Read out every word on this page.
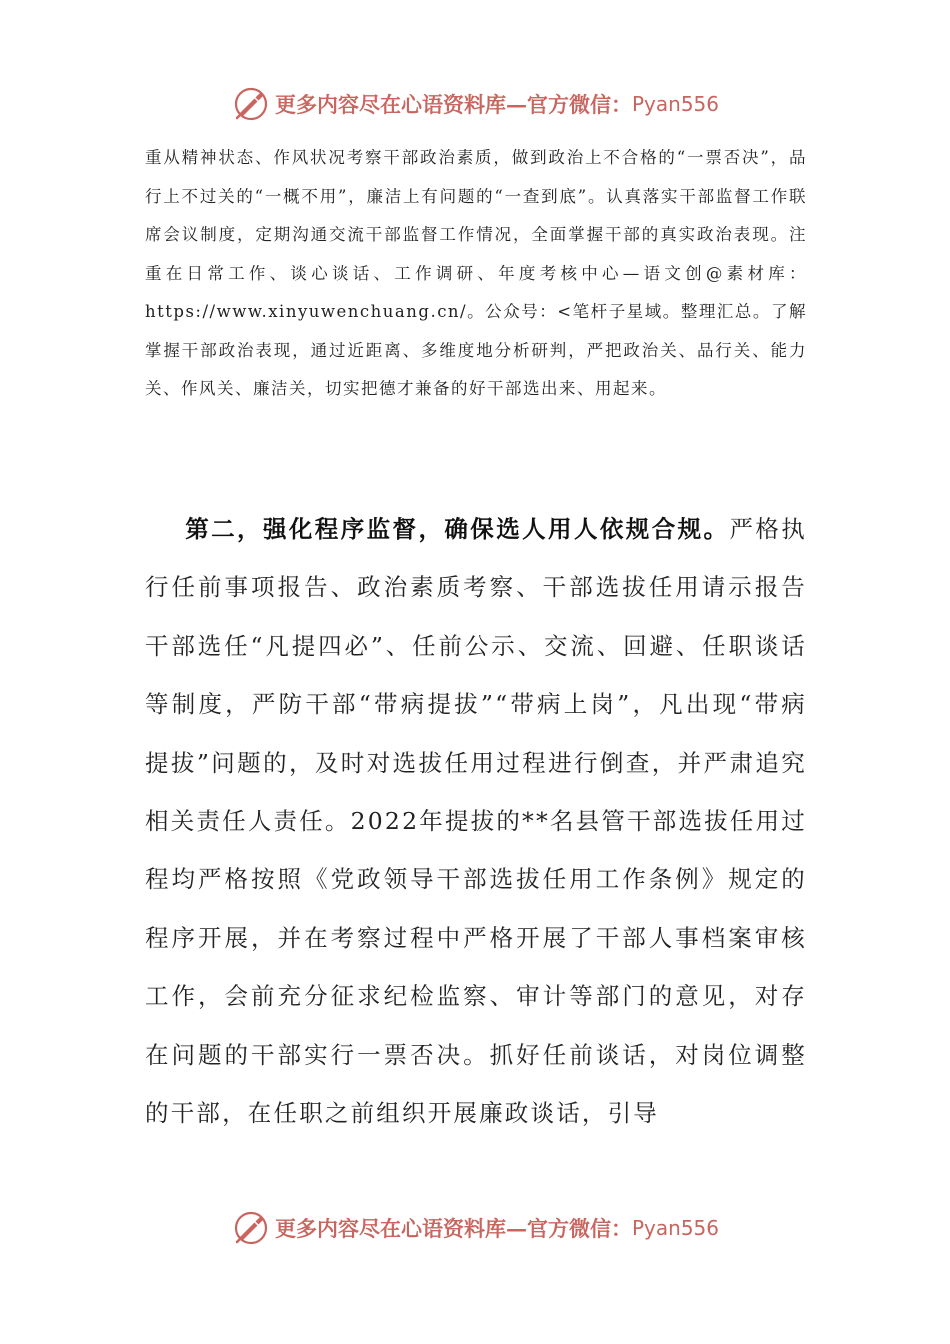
更多内容尽在心语资料库—官方微信： Pyan556

重从精神状态、作风状况考察干部政治素质，做到政治上不合格的“一票否决”，品行上不过关的“一概不用”，廉洁上有问题的“一查到底”。认真落实干部监督工作联席会议制度，定期沟通交流干部监督工作情况，全面掌握干部的真实政治表现。注重在日常工作、谈心谈话、工作调研、年度考核中心—语文创@素材库：https://www.xinyuwenchuang.cn/。公众号：<笔杆子星域。整理汇总。了解掌握干部政治表现，通过近距离、多维度地分析研判，严把政治关、品行关、能力关、作风关、廉洁关，切实把德才兼备的好干部选出来、用起来。

第二，强化程序监督，确保选人用人依规合规。严格执行任前事项报告、政治素质考察、干部选拔任用请示报告干部选任“凡提四必”、任前公示、交流、回避、任职谈话等制度，严防干部“带病提拔”“带病上岗”，凡出现“带病提拔”问题的，及时对选拔任用过程进行倒查，并严肃追究相关责任人责任。2022年提拔的**名县管干部选拔任用过程均严格按照《党政领导干部选拔任用工作条例》规定的程序开展，并在考察过程中严格开展了干部人事档案审核工作，会前充分征求纪检监察、审计等部门的意见，对存在问题的干部实行一票否决。抓好任前谈话，对岗位调整的干部，在任职之前组织开展廉政谈话，引导

更多内容尽在心语资料库—官方微信： Pyan556
